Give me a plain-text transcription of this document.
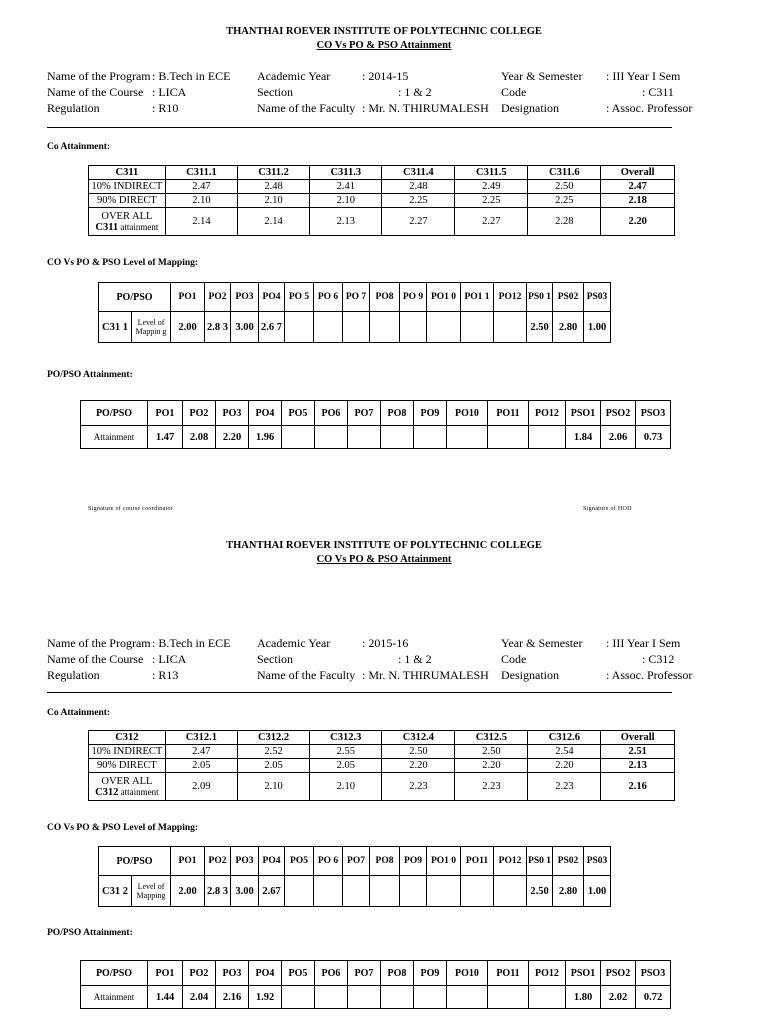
THANTHAI ROEVER INSTITUTE OF POLYTECHNIC COLLEGE
CO Vs PO & PSO Attainment
Name of the Program : B.Tech in ECE Academic Year	: 2014-15	Year & Semester : III Year I Sem
Name of the Course : LICA	Section	: 1 & 2	Code	: C311
Regulation	: R10	Name of the Faculty : Mr. N. THIRUMALESH Designation	: Assoc. Professor
Co Attainment:
C311	C311.1	C311.2	C311.3	C311.4	C311.5	C311.6	Overall
10% INDIRECT	2.47	2.48	2.41	2.48	2.49	2.50	2.47
90% DIRECT	2.10	2.10	2.10	2.25	2.25	2.25	2.18
OVER ALL
C311 attainment	2.14	2.14	2.13	2.27	2.27	2.28	2.20
CO Vs PO & PSO Level of Mapping:
PO/PSO		PO1	PO2	PO3	PO4	PO 5	PO 6	PO 7	PO8	PO 9	PO1 0	PO1 1	PO12	PS0 1	PS02	PS03
C31 1	Level of Mappin g	2.00	2.8 3	3.00	2.6 7									2.50	2.80	1.00
PO/PSO Attainment:
PO/PSO	PO1	PO2	PO3	PO4	PO5	PO6	PO7	PO8	PO9	PO10	PO11	PO12	PSO1	PSO2	PSO3
Attainment	1.47	2.08	2.20	1.96									1.84	2.06	0.73
Signature of course coordinator	Signature of HOD
THANTHAI ROEVER INSTITUTE OF POLYTECHNIC COLLEGE
CO Vs PO & PSO Attainment
Name of the Program : B.Tech in ECE Academic Year	: 2015-16	Year & Semester : III Year I Sem
Name of the Course : LICA	Section	: 1 & 2	Code	: C312
Regulation	: R13	Name of the Faculty : Mr. N. THIRUMALESH Designation	: Assoc. Professor
Co Attainment:
C312	C312.1	C312.2	C312.3	C312.4	C312.5	C312.6	Overall
10% INDIRECT	2.47	2.52	2.55	2.50	2.50	2.54	2.51
90% DIRECT	2.05	2.05	2.05	2.20	2.20	2.20	2.13
OVER ALL
C312 attainment	2.09	2.10	2.10	2.23	2.23	2.23	2.16
CO Vs PO & PSO Level of Mapping:
PO/PSO		PO1	PO2	PO3	PO4	PO5	PO 6	PO7	PO8	PO9	PO1 0	PO11	PO12	PS0 1	PS02	PS03
C31 2	Level of Mapping	2.00	2.8 3	3.00	2.67									2.50	2.80	1.00
PO/PSO Attainment:
PO/PSO	PO1	PO2	PO3	PO4	PO5	PO6	PO7	PO8	PO9	PO10	PO11	PO12	PSO1	PSO2	PSO3
Attainment	1.44	2.04	2.16	1.92									1.80	2.02	0.72
